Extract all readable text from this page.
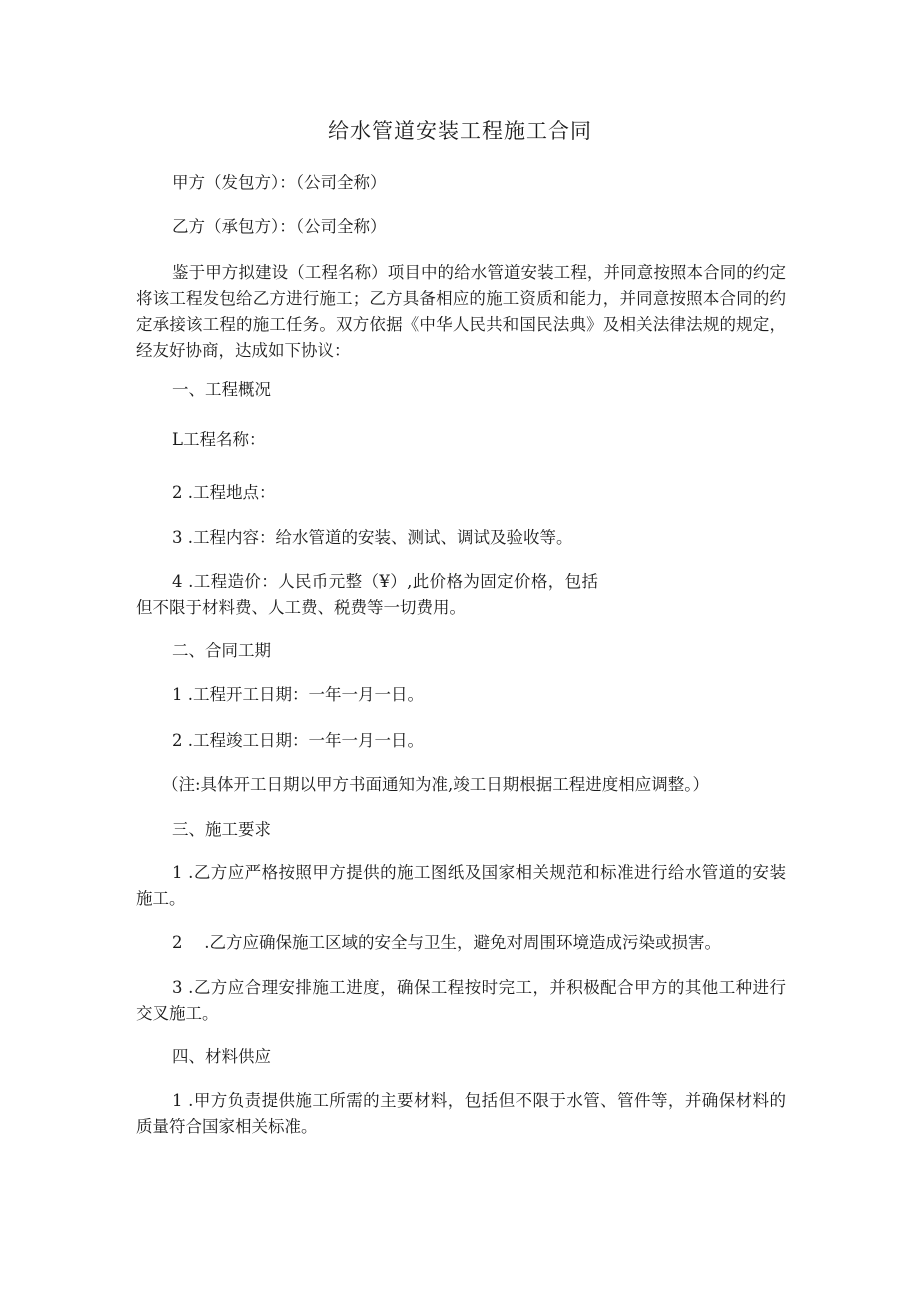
给水管道安装工程施工合同
甲方（发包方）：（公司全称）
乙方（承包方）：（公司全称）
鉴于甲方拟建设（工程名称）项目中的给水管道安装工程，并同意按照本合同的约定将该工程发包给乙方进行施工；乙方具备相应的施工资质和能力，并同意按照本合同的约定承接该工程的施工任务。双方依据《中华人民共和国民法典》及相关法律法规的规定，经友好协商，达成如下协议：
一、工程概况
L工程名称：
2 .工程地点：
3 .工程内容：给水管道的安装、测试、调试及验收等。
4 .工程造价：人民币元整（¥）,此价格为固定价格，包括但不限于材料费、人工费、税费等一切费用。
二、合同工期
1 .工程开工日期：一年一月一日。
2 .工程竣工日期：一年一月一日。
（注:具体开工日期以甲方书面通知为准,竣工日期根据工程进度相应调整。）
三、施工要求
1 .乙方应严格按照甲方提供的施工图纸及国家相关规范和标准进行给水管道的安装施工。
2 　.乙方应确保施工区域的安全与卫生，避免对周围环境造成污染或损害。
3 .乙方应合理安排施工进度，确保工程按时完工，并积极配合甲方的其他工种进行交叉施工。
四、材料供应
1 .甲方负责提供施工所需的主要材料，包括但不限于水管、管件等，并确保材料的质量符合国家相关标准。
